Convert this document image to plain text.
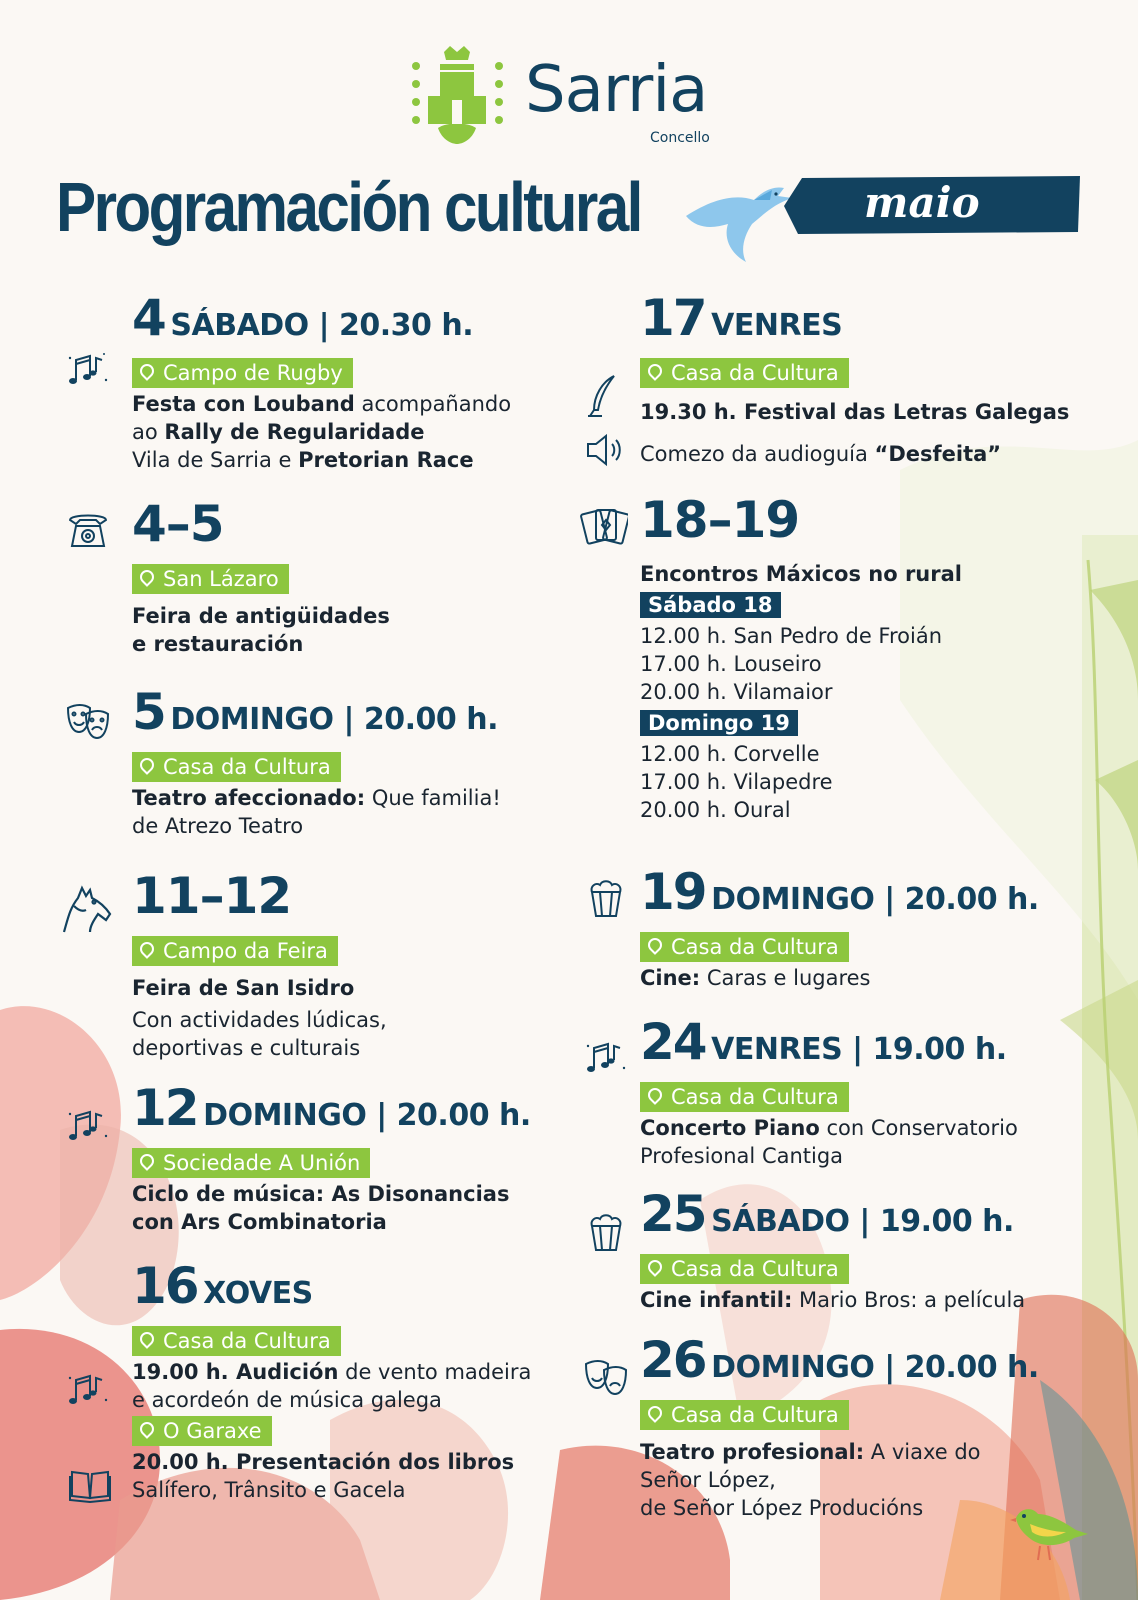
Sarria
Concello
Programación cultural	maio
4 SÁBADO | 20.30 h.
Campo de Rugby
Festa con Louband acompañando
ao Rally de Regularidade
Vila de Sarria e Pretorian Race
4–5
San Lázaro
Feira de antigüidades
e restauración
5 DOMINGO | 20.00 h.
Casa da Cultura
Teatro afeccionado: Que familia!
de Atrezo Teatro
11–12
Campo da Feira
Feira de San Isidro
Con actividades lúdicas,
deportivas e culturais
12 DOMINGO | 20.00 h.
Sociedade A Unión
Ciclo de música: As Disonancias
con Ars Combinatoria
16 XOVES
Casa da Cultura
19.00 h. Audición de vento madeira
e acordeón de música galega
O Garaxe
20.00 h. Presentación dos libros
Salífero, Trânsito e Gacela
17 VENRES
Casa da Cultura
19.30 h. Festival das Letras Galegas
Comezo da audioguía “Desfeita”
18–19
Encontros Máxicos no rural
Sábado 18
12.00 h. San Pedro de Froián
17.00 h. Louseiro
20.00 h. Vilamaior
Domingo 19
12.00 h. Corvelle
17.00 h. Vilapedre
20.00 h. Oural
19 DOMINGO | 20.00 h.
Casa da Cultura
Cine: Caras e lugares
24 VENRES | 19.00 h.
Casa da Cultura
Concerto Piano con Conservatorio
Profesional Cantiga
25 SÁBADO | 19.00 h.
Casa da Cultura
Cine infantil: Mario Bros: a película
26 DOMINGO | 20.00 h.
Casa da Cultura
Teatro profesional: A viaxe do
Señor López,
de Señor López Producións
